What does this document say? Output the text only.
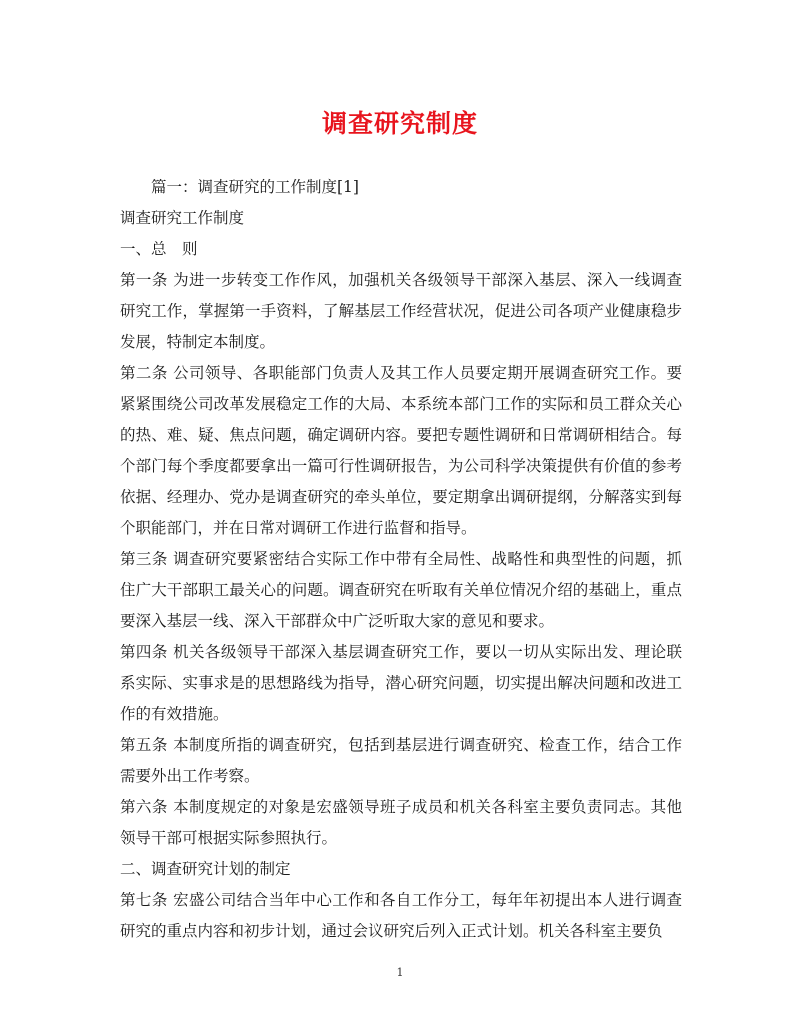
调查研究制度

篇一：调查研究的工作制度[1]

调查研究工作制度

一、总　则

第一条 为进一步转变工作作风，加强机关各级领导干部深入基层、深入一线调查研究工作，掌握第一手资料，了解基层工作经营状况，促进公司各项产业健康稳步发展，特制定本制度。

第二条 公司领导、各职能部门负责人及其工作人员要定期开展调查研究工作。要紧紧围绕公司改革发展稳定工作的大局、本系统本部门工作的实际和员工群众关心的热、难、疑、焦点问题，确定调研内容。要把专题性调研和日常调研相结合。每个部门每个季度都要拿出一篇可行性调研报告，为公司科学决策提供有价值的参考依据、经理办、党办是调查研究的牵头单位，要定期拿出调研提纲，分解落实到每个职能部门，并在日常对调研工作进行监督和指导。

第三条 调查研究要紧密结合实际工作中带有全局性、战略性和典型性的问题，抓住广大干部职工最关心的问题。调查研究在听取有关单位情况介绍的基础上，重点要深入基层一线、深入干部群众中广泛听取大家的意见和要求。

第四条 机关各级领导干部深入基层调查研究工作，要以一切从实际出发、理论联系实际、实事求是的思想路线为指导，潜心研究问题，切实提出解决问题和改进工作的有效措施。

第五条 本制度所指的调查研究，包括到基层进行调查研究、检查工作，结合工作需要外出工作考察。

第六条 本制度规定的对象是宏盛领导班子成员和机关各科室主要负责同志。其他领导干部可根据实际参照执行。

二、调查研究计划的制定

第七条 宏盛公司结合当年中心工作和各自工作分工，每年年初提出本人进行调查研究的重点内容和初步计划，通过会议研究后列入正式计划。机关各科室主要负

1
